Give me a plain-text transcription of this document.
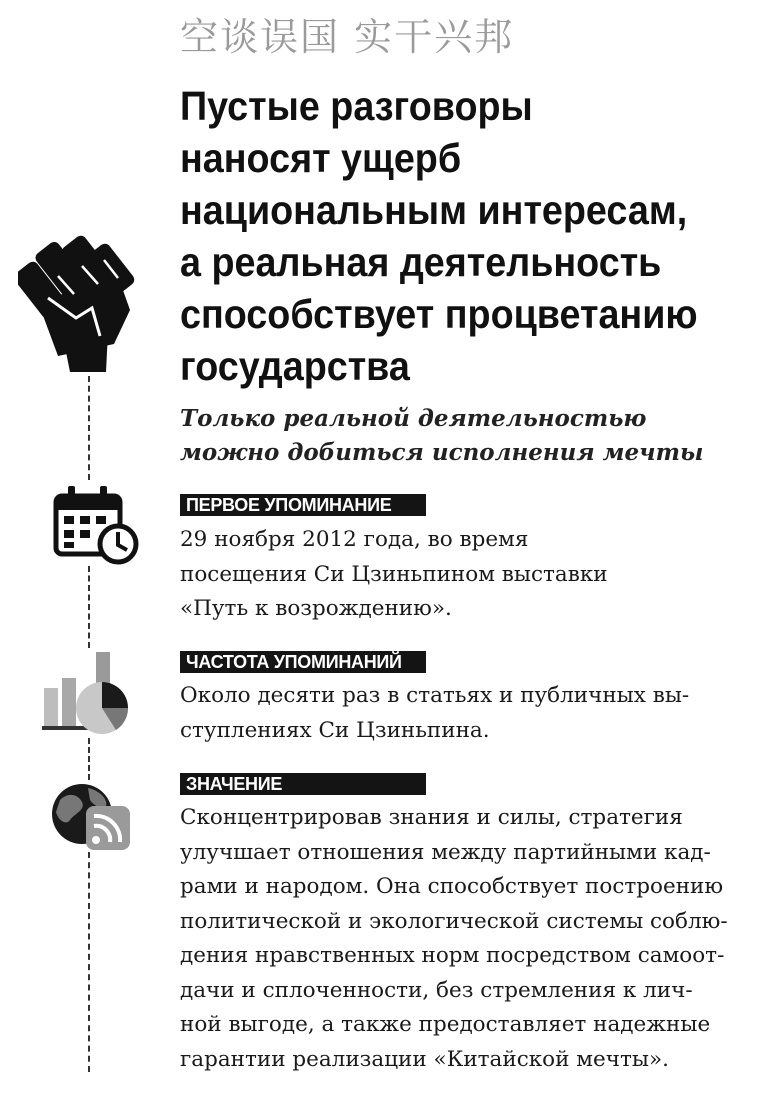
空谈误国 实干兴邦
Пустые разговоры
наносят ущерб
национальным интересам,
а реальная деятельность
способствует процветанию
государства
Только реальной деятельностью
можно добиться исполнения мечты
ПЕРВОЕ УПОМИНАНИЕ
29 ноября 2012 года, во время
посещения Си Цзиньпином выставки
«Путь к возрождению».
ЧАСТОТА УПОМИНАНИЙ
Около десяти раз в статьях и публичных вы-
ступлениях Си Цзиньпина.
ЗНАЧЕНИЕ
Сконцентрировав знания и силы, стратегия
улучшает отношения между партийными кад-
рами и народом. Она способствует построению
политической и экологической системы соблю-
дения нравственных норм посредством самоот-
дачи и сплоченности, без стремления к лич-
ной выгоде, а также предоставляет надежные
гарантии реализации «Китайской мечты».
